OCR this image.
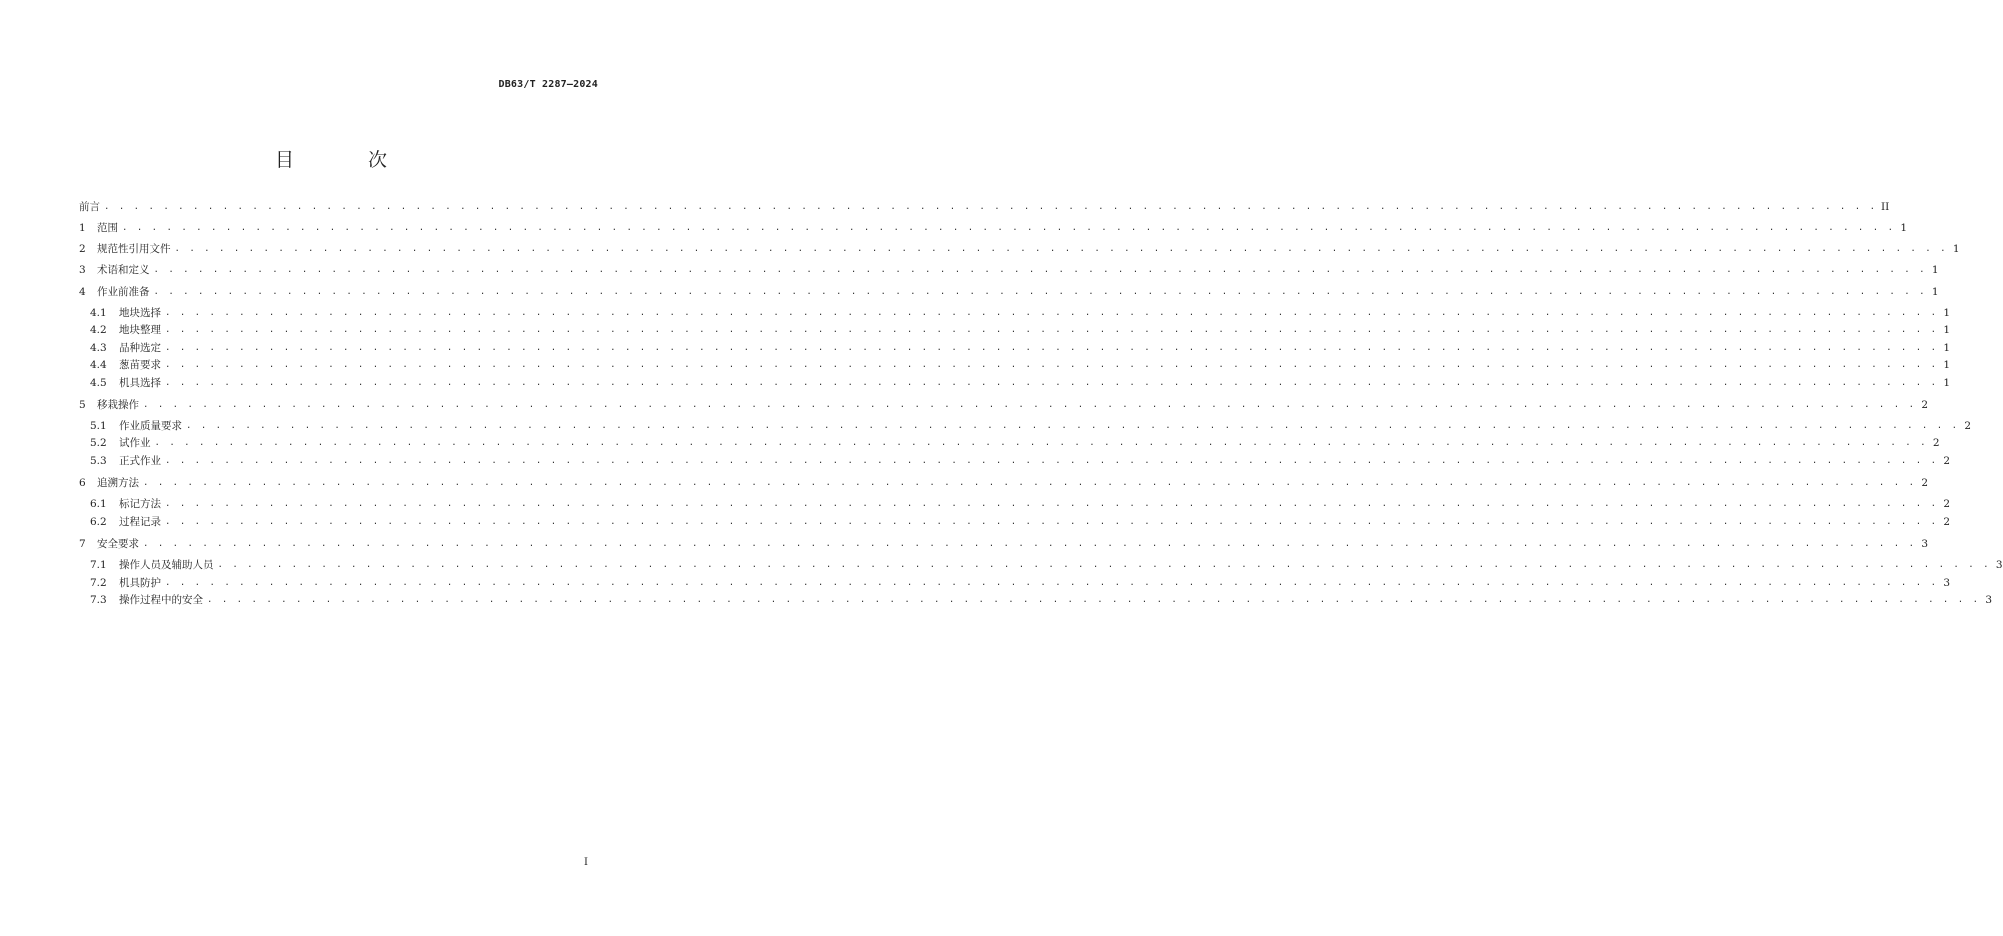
DB63/T 2287—2024
目 次
前言 . . . . . . . . . . . . . . . . . . . . . . . . . . . . . . . . . . . . . . . . . . . . . . . . . . . . . . . . . . . . . . . . . . . . . . . . . . . . . . . . . . . . . . . . . . . . . . . . . . . . . . . . . . . . . . . . . . . . . . . . II
1	范围 . . . . . . . . . . . . . . . . . . . . . . . . . . . . . . . . . . . . . . . . . . . . . . . . . . . . . . . . . . . . . . . . . . . . . . . . . . . . . . . . . . . . . . . . . . . . . . . . . . . . . . . . . . . . . . . . . . . . . . . . 1
2	规范性引用文件 . . . . . . . . . . . . . . . . . . . . . . . . . . . . . . . . . . . . . . . . . . . . . . . . . . . . . . . . . . . . . . . . . . . . . . . . . . . . . . . . . . . . . . . . . . . . . . . . . . . . . . . . . . . . . . . . . . . . . . . . 1
3	术语和定义 . . . . . . . . . . . . . . . . . . . . . . . . . . . . . . . . . . . . . . . . . . . . . . . . . . . . . . . . . . . . . . . . . . . . . . . . . . . . . . . . . . . . . . . . . . . . . . . . . . . . . . . . . . . . . . . . . . . . . . . . 1
4	作业前准备 . . . . . . . . . . . . . . . . . . . . . . . . . . . . . . . . . . . . . . . . . . . . . . . . . . . . . . . . . . . . . . . . . . . . . . . . . . . . . . . . . . . . . . . . . . . . . . . . . . . . . . . . . . . . . . . . . . . . . . . . 1
4.1	地块选择 . . . . . . . . . . . . . . . . . . . . . . . . . . . . . . . . . . . . . . . . . . . . . . . . . . . . . . . . . . . . . . . . . . . . . . . . . . . . . . . . . . . . . . . . . . . . . . . . . . . . . . . . . . . . . . . . . . . . . . . . 1
4.2	地块整理 . . . . . . . . . . . . . . . . . . . . . . . . . . . . . . . . . . . . . . . . . . . . . . . . . . . . . . . . . . . . . . . . . . . . . . . . . . . . . . . . . . . . . . . . . . . . . . . . . . . . . . . . . . . . . . . . . . . . . . . . 1
4.3	品种选定 . . . . . . . . . . . . . . . . . . . . . . . . . . . . . . . . . . . . . . . . . . . . . . . . . . . . . . . . . . . . . . . . . . . . . . . . . . . . . . . . . . . . . . . . . . . . . . . . . . . . . . . . . . . . . . . . . . . . . . . . 1
4.4	葱苗要求 . . . . . . . . . . . . . . . . . . . . . . . . . . . . . . . . . . . . . . . . . . . . . . . . . . . . . . . . . . . . . . . . . . . . . . . . . . . . . . . . . . . . . . . . . . . . . . . . . . . . . . . . . . . . . . . . . . . . . . . . 1
4.5	机具选择 . . . . . . . . . . . . . . . . . . . . . . . . . . . . . . . . . . . . . . . . . . . . . . . . . . . . . . . . . . . . . . . . . . . . . . . . . . . . . . . . . . . . . . . . . . . . . . . . . . . . . . . . . . . . . . . . . . . . . . . . 1
5	移栽操作 . . . . . . . . . . . . . . . . . . . . . . . . . . . . . . . . . . . . . . . . . . . . . . . . . . . . . . . . . . . . . . . . . . . . . . . . . . . . . . . . . . . . . . . . . . . . . . . . . . . . . . . . . . . . . . . . . . . . . . . . 2
5.1	作业质量要求 . . . . . . . . . . . . . . . . . . . . . . . . . . . . . . . . . . . . . . . . . . . . . . . . . . . . . . . . . . . . . . . . . . . . . . . . . . . . . . . . . . . . . . . . . . . . . . . . . . . . . . . . . . . . . . . . . . . . . . . . 2
5.2	试作业 . . . . . . . . . . . . . . . . . . . . . . . . . . . . . . . . . . . . . . . . . . . . . . . . . . . . . . . . . . . . . . . . . . . . . . . . . . . . . . . . . . . . . . . . . . . . . . . . . . . . . . . . . . . . . . . . . . . . . . . . 2
5.3	正式作业 . . . . . . . . . . . . . . . . . . . . . . . . . . . . . . . . . . . . . . . . . . . . . . . . . . . . . . . . . . . . . . . . . . . . . . . . . . . . . . . . . . . . . . . . . . . . . . . . . . . . . . . . . . . . . . . . . . . . . . . . 2
6	追溯方法 . . . . . . . . . . . . . . . . . . . . . . . . . . . . . . . . . . . . . . . . . . . . . . . . . . . . . . . . . . . . . . . . . . . . . . . . . . . . . . . . . . . . . . . . . . . . . . . . . . . . . . . . . . . . . . . . . . . . . . . . 2
6.1	标记方法 . . . . . . . . . . . . . . . . . . . . . . . . . . . . . . . . . . . . . . . . . . . . . . . . . . . . . . . . . . . . . . . . . . . . . . . . . . . . . . . . . . . . . . . . . . . . . . . . . . . . . . . . . . . . . . . . . . . . . . . . 2
6.2	过程记录 . . . . . . . . . . . . . . . . . . . . . . . . . . . . . . . . . . . . . . . . . . . . . . . . . . . . . . . . . . . . . . . . . . . . . . . . . . . . . . . . . . . . . . . . . . . . . . . . . . . . . . . . . . . . . . . . . . . . . . . . 2
7	安全要求 . . . . . . . . . . . . . . . . . . . . . . . . . . . . . . . . . . . . . . . . . . . . . . . . . . . . . . . . . . . . . . . . . . . . . . . . . . . . . . . . . . . . . . . . . . . . . . . . . . . . . . . . . . . . . . . . . . . . . . . . 3
7.1	操作人员及辅助人员 . . . . . . . . . . . . . . . . . . . . . . . . . . . . . . . . . . . . . . . . . . . . . . . . . . . . . . . . . . . . . . . . . . . . . . . . . . . . . . . . . . . . . . . . . . . . . . . . . . . . . . . . . . . . . . . . . . . . . . . . 3
7.2	机具防护 . . . . . . . . . . . . . . . . . . . . . . . . . . . . . . . . . . . . . . . . . . . . . . . . . . . . . . . . . . . . . . . . . . . . . . . . . . . . . . . . . . . . . . . . . . . . . . . . . . . . . . . . . . . . . . . . . . . . . . . . 3
7.3	操作过程中的安全 . . . . . . . . . . . . . . . . . . . . . . . . . . . . . . . . . . . . . . . . . . . . . . . . . . . . . . . . . . . . . . . . . . . . . . . . . . . . . . . . . . . . . . . . . . . . . . . . . . . . . . . . . . . . . . . . . . . . . . . . 3
I
